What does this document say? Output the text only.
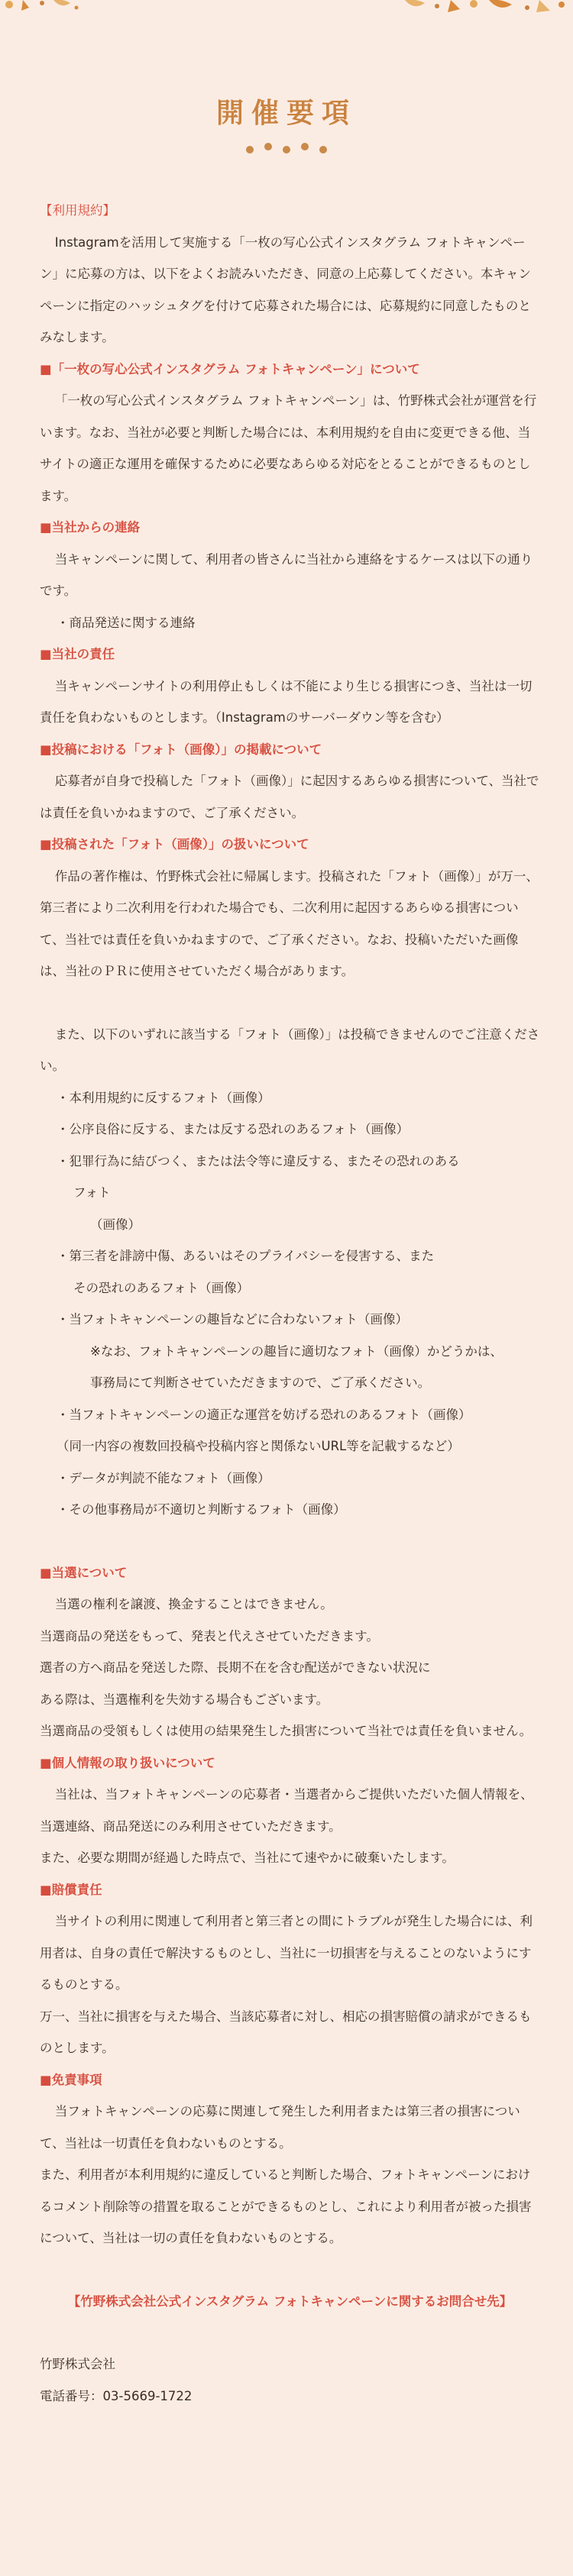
開催要項

【利用規約】

Instagramを活用して実施する「一枚の写心公式インスタグラム フォトキャンペーン」に応募の方は、以下をよくお読みいただき、同意の上応募してください。本キャンペーンに指定のハッシュタグを付けて応募された場合には、応募規約に同意したものとみなします。

■「一枚の写心公式インスタグラム フォトキャンペーン」について

「一枚の写心公式インスタグラム フォトキャンペーン」は、竹野株式会社が運営を行います。なお、当社が必要と判断した場合には、本利用規約を自由に変更できる他、当サイトの適正な運用を確保するために必要なあらゆる対応をとることができるものとします。

■当社からの連絡

当キャンペーンに関して、利用者の皆さんに当社から連絡をするケースは以下の通りです。

・商品発送に関する連絡

■当社の責任

当キャンペーンサイトの利用停止もしくは不能により生じる損害につき、当社は一切責任を負わないものとします。（Instagramのサーバーダウン等を含む）

■投稿における「フォト（画像）」の掲載について

応募者が自身で投稿した「フォト（画像）」に起因するあらゆる損害について、当社では責任を負いかねますので、ご了承ください。

■投稿された「フォト（画像）」の扱いについて

作品の著作権は、竹野株式会社に帰属します。投稿された「フォト（画像）」が万一、第三者により二次利用を行われた場合でも、二次利用に起因するあらゆる損害について、当社では責任を負いかねますので、ご了承ください。なお、投稿いただいた画像は、当社のＰＲに使用させていただく場合があります。

また、以下のいずれに該当する「フォト（画像）」は投稿できませんのでご注意ください。

・本利用規約に反するフォト（画像）

・公序良俗に反する、または反する恐れのあるフォト（画像）

・犯罪行為に結びつく、または法令等に違反する、またその恐れのある

フォト

（画像）

・第三者を誹謗中傷、あるいはそのプライバシーを侵害する、また

その恐れのあるフォト（画像）

・当フォトキャンペーンの趣旨などに合わないフォト（画像）

※なお、フォトキャンペーンの趣旨に適切なフォト（画像）かどうかは、

事務局にて判断させていただきますので、ご了承ください。

・当フォトキャンペーンの適正な運営を妨げる恐れのあるフォト（画像）

（同一内容の複数回投稿や投稿内容と関係ないURL等を記載するなど）

・データが判読不能なフォト（画像）

・その他事務局が不適切と判断するフォト（画像）

■当選について

当選の権利を譲渡、換金することはできません。

当選商品の発送をもって、発表と代えさせていただきます。

選者の方へ商品を発送した際、長期不在を含む配送ができない状況に

ある際は、当選権利を失効する場合もございます。

当選商品の受領もしくは使用の結果発生した損害について当社では責任を負いません。

■個人情報の取り扱いについて

当社は、当フォトキャンペーンの応募者・当選者からご提供いただいた個人情報を、当選連絡、商品発送にのみ利用させていただきます。

また、必要な期間が経過した時点で、当社にて速やかに破棄いたします。

■賠償責任

当サイトの利用に関連して利用者と第三者との間にトラブルが発生した場合には、利用者は、自身の責任で解決するものとし、当社に一切損害を与えることのないようにするものとする。

万一、当社に損害を与えた場合、当該応募者に対し、相応の損害賠償の請求ができるものとします。

■免責事項

当フォトキャンペーンの応募に関連して発生した利用者または第三者の損害について、当社は一切責任を負わないものとする。

また、利用者が本利用規約に違反していると判断した場合、フォトキャンペーンにおけるコメント削除等の措置を取ることができるものとし、これにより利用者が被った損害について、当社は一切の責任を負わないものとする。

【竹野株式会社公式インスタグラム フォトキャンペーンに関するお問合せ先】

竹野株式会社

電話番号：03-5669-1722
